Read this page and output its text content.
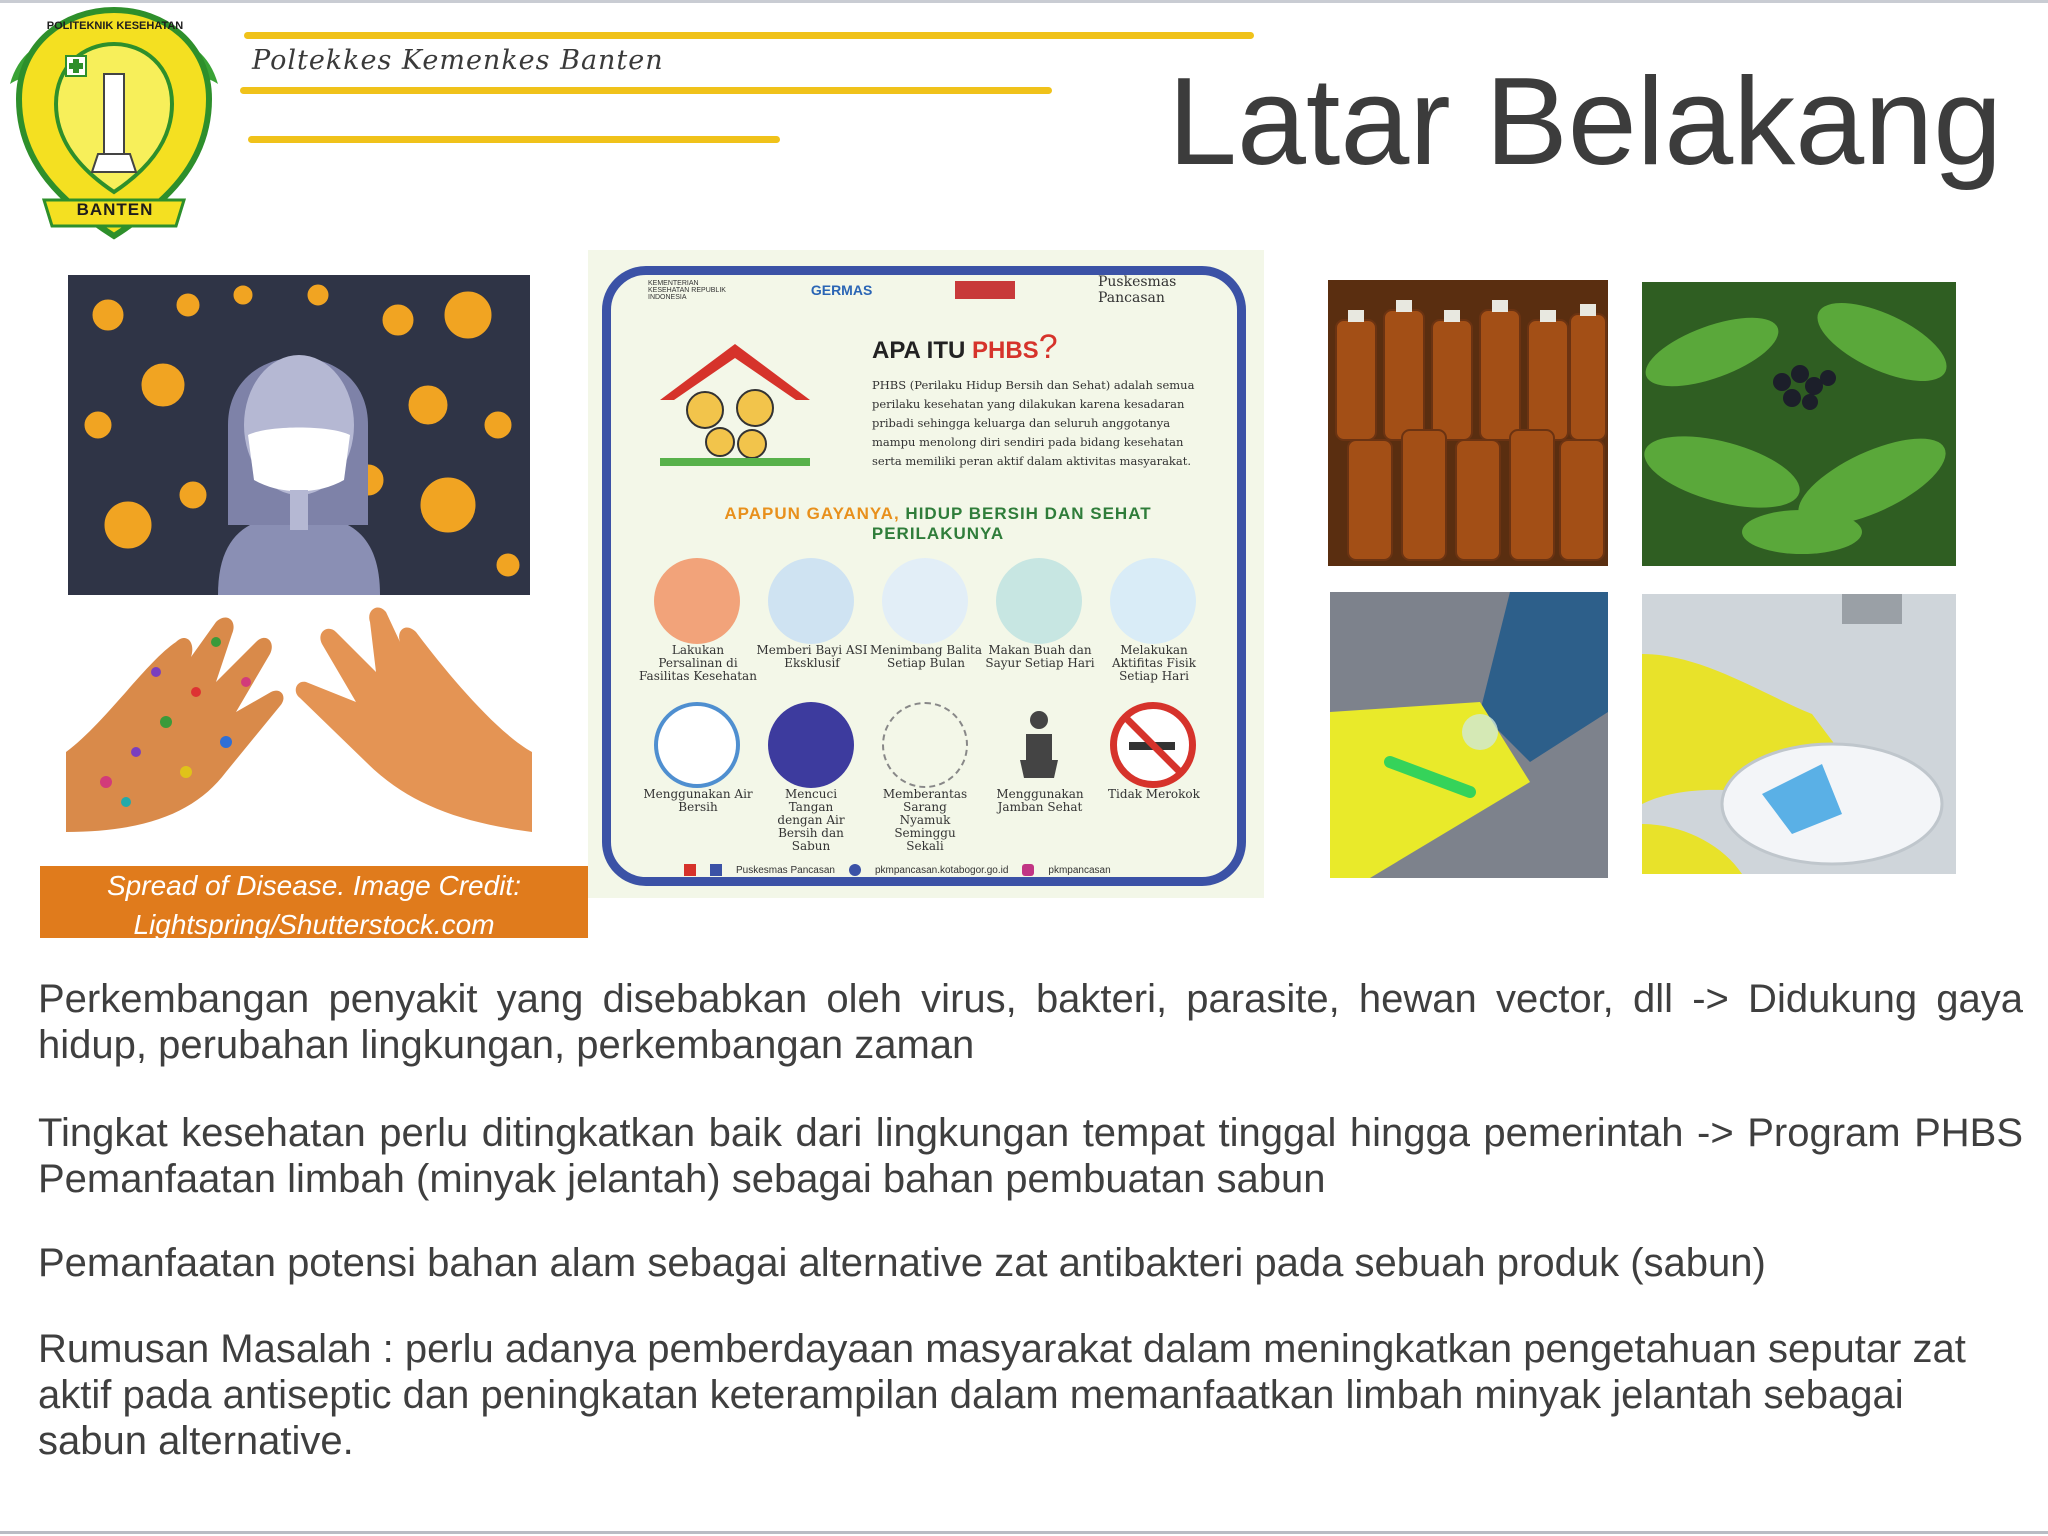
BANTEN
POLITEKNIK KESEHATAN
Poltekkes Kemenkes Banten	Latar Belakang
Spread of Disease. Image Credit: Lightspring/Shutterstock.com
KEMENTERIAN KESEHATAN REPUBLIK INDONESIA	GERMAS	Puskesmas Pancasan
APA ITU PHBS?
PHBS (Perilaku Hidup Bersih dan Sehat) adalah semua perilaku kesehatan yang dilakukan karena kesadaran pribadi sehingga keluarga dan seluruh anggotanya mampu menolong diri sendiri pada bidang kesehatan serta memiliki peran aktif dalam aktivitas masyarakat.
APAPUN GAYANYA, HIDUP BERSIH DAN SEHAT PERILAKUNYA
Lakukan Persalinan di Fasilitas Kesehatan
Memberi Bayi ASI Eksklusif
Menimbang Balita Setiap Bulan
Makan Buah dan Sayur Setiap Hari
Melakukan Aktifitas Fisik Setiap Hari
Menggunakan Air Bersih
Mencuci Tangan dengan Air Bersih dan Sabun
Memberantas Sarang Nyamuk Seminggu Sekali
Menggunakan Jamban Sehat
Tidak Merokok
Puskesmas Pancasan	pkmpancasan.kotabogor.go.id	pkmpancasan

Perkembangan penyakit yang disebabkan oleh virus, bakteri, parasite, hewan vector, dll -> Didukung gaya hidup, perubahan lingkungan, perkembangan zaman

Tingkat kesehatan perlu ditingkatkan baik dari lingkungan tempat tinggal hingga pemerintah -> Program PHBS Pemanfaatan limbah (minyak jelantah) sebagai bahan pembuatan sabun

Pemanfaatan potensi bahan alam sebagai alternative zat antibakteri pada sebuah produk (sabun)

Rumusan Masalah : perlu adanya pemberdayaan masyarakat dalam meningkatkan pengetahuan seputar zat aktif pada antiseptic dan peningkatan keterampilan dalam memanfaatkan limbah minyak jelantah sebagai sabun alternative.
